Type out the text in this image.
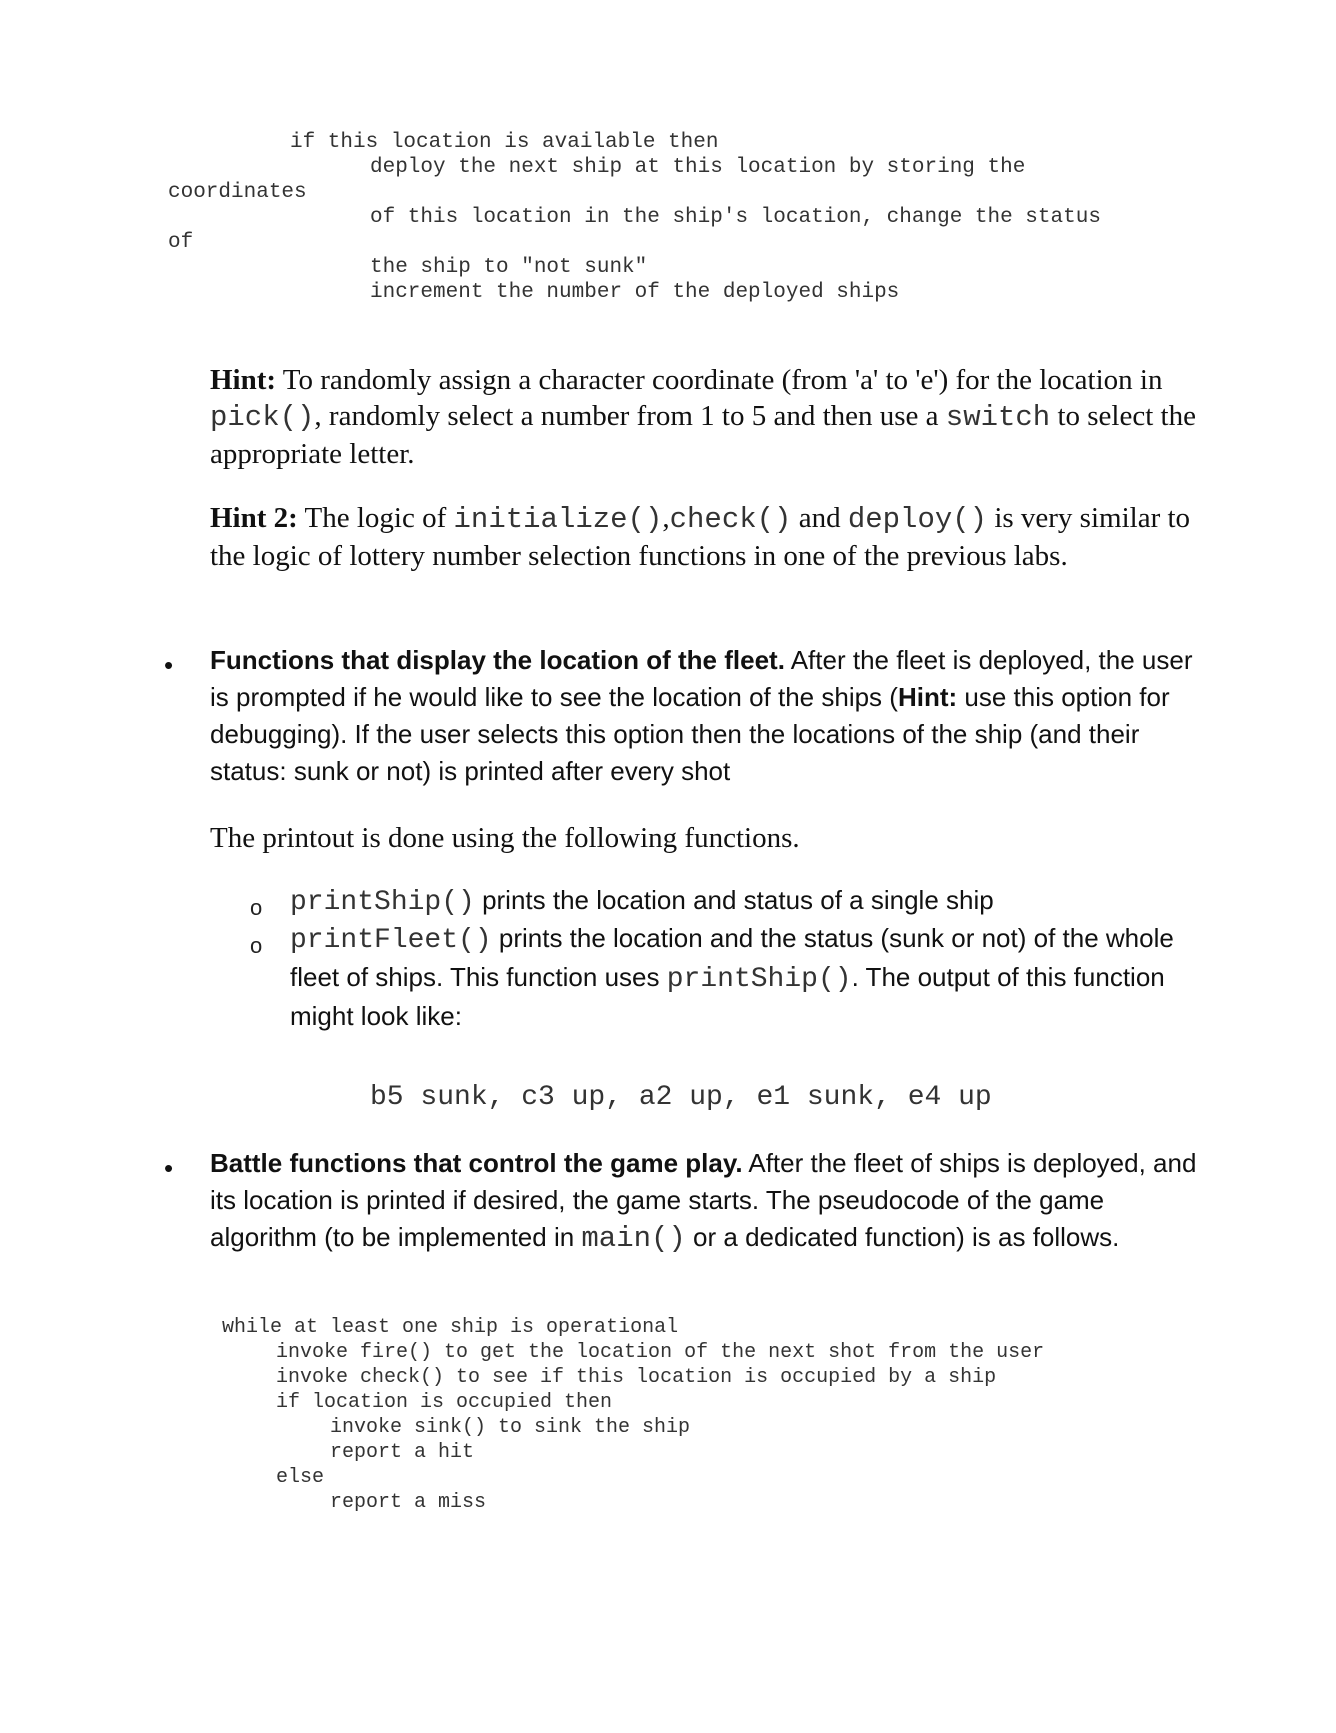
if this location is available then
deploy the next ship at this location by storing the
coordinates
of this location in the ship's location, change the status
of
the ship to "not sunk"
increment the number of the deployed ships
Hint: To randomly assign a character coordinate (from 'a' to 'e') for the location in pick(), randomly select a number from 1 to 5 and then use a switch to select the appropriate letter.
Hint 2: The logic of initialize(),check() and deploy() is very similar to the logic of lottery number selection functions in one of the previous labs.
• Functions that display the location of the fleet. After the fleet is deployed, the user is prompted if he would like to see the location of the ships (Hint: use this option for debugging). If the user selects this option then the locations of the ship (and their status: sunk or not) is printed after every shot
The printout is done using the following functions.
o printShip() prints the location and status of a single ship
o printFleet() prints the location and the status (sunk or not) of the whole fleet of ships. This function uses printShip(). The output of this function might look like:
b5 sunk, c3 up, a2 up, e1 sunk, e4 up
• Battle functions that control the game play. After the fleet of ships is deployed, and its location is printed if desired, the game starts. The pseudocode of the game algorithm (to be implemented in main() or a dedicated function) is as follows.
while at least one ship is operational
invoke fire() to get the location of the next shot from the user
invoke check() to see if this location is occupied by a ship
if location is occupied then
invoke sink() to sink the ship
report a hit
else
report a miss
